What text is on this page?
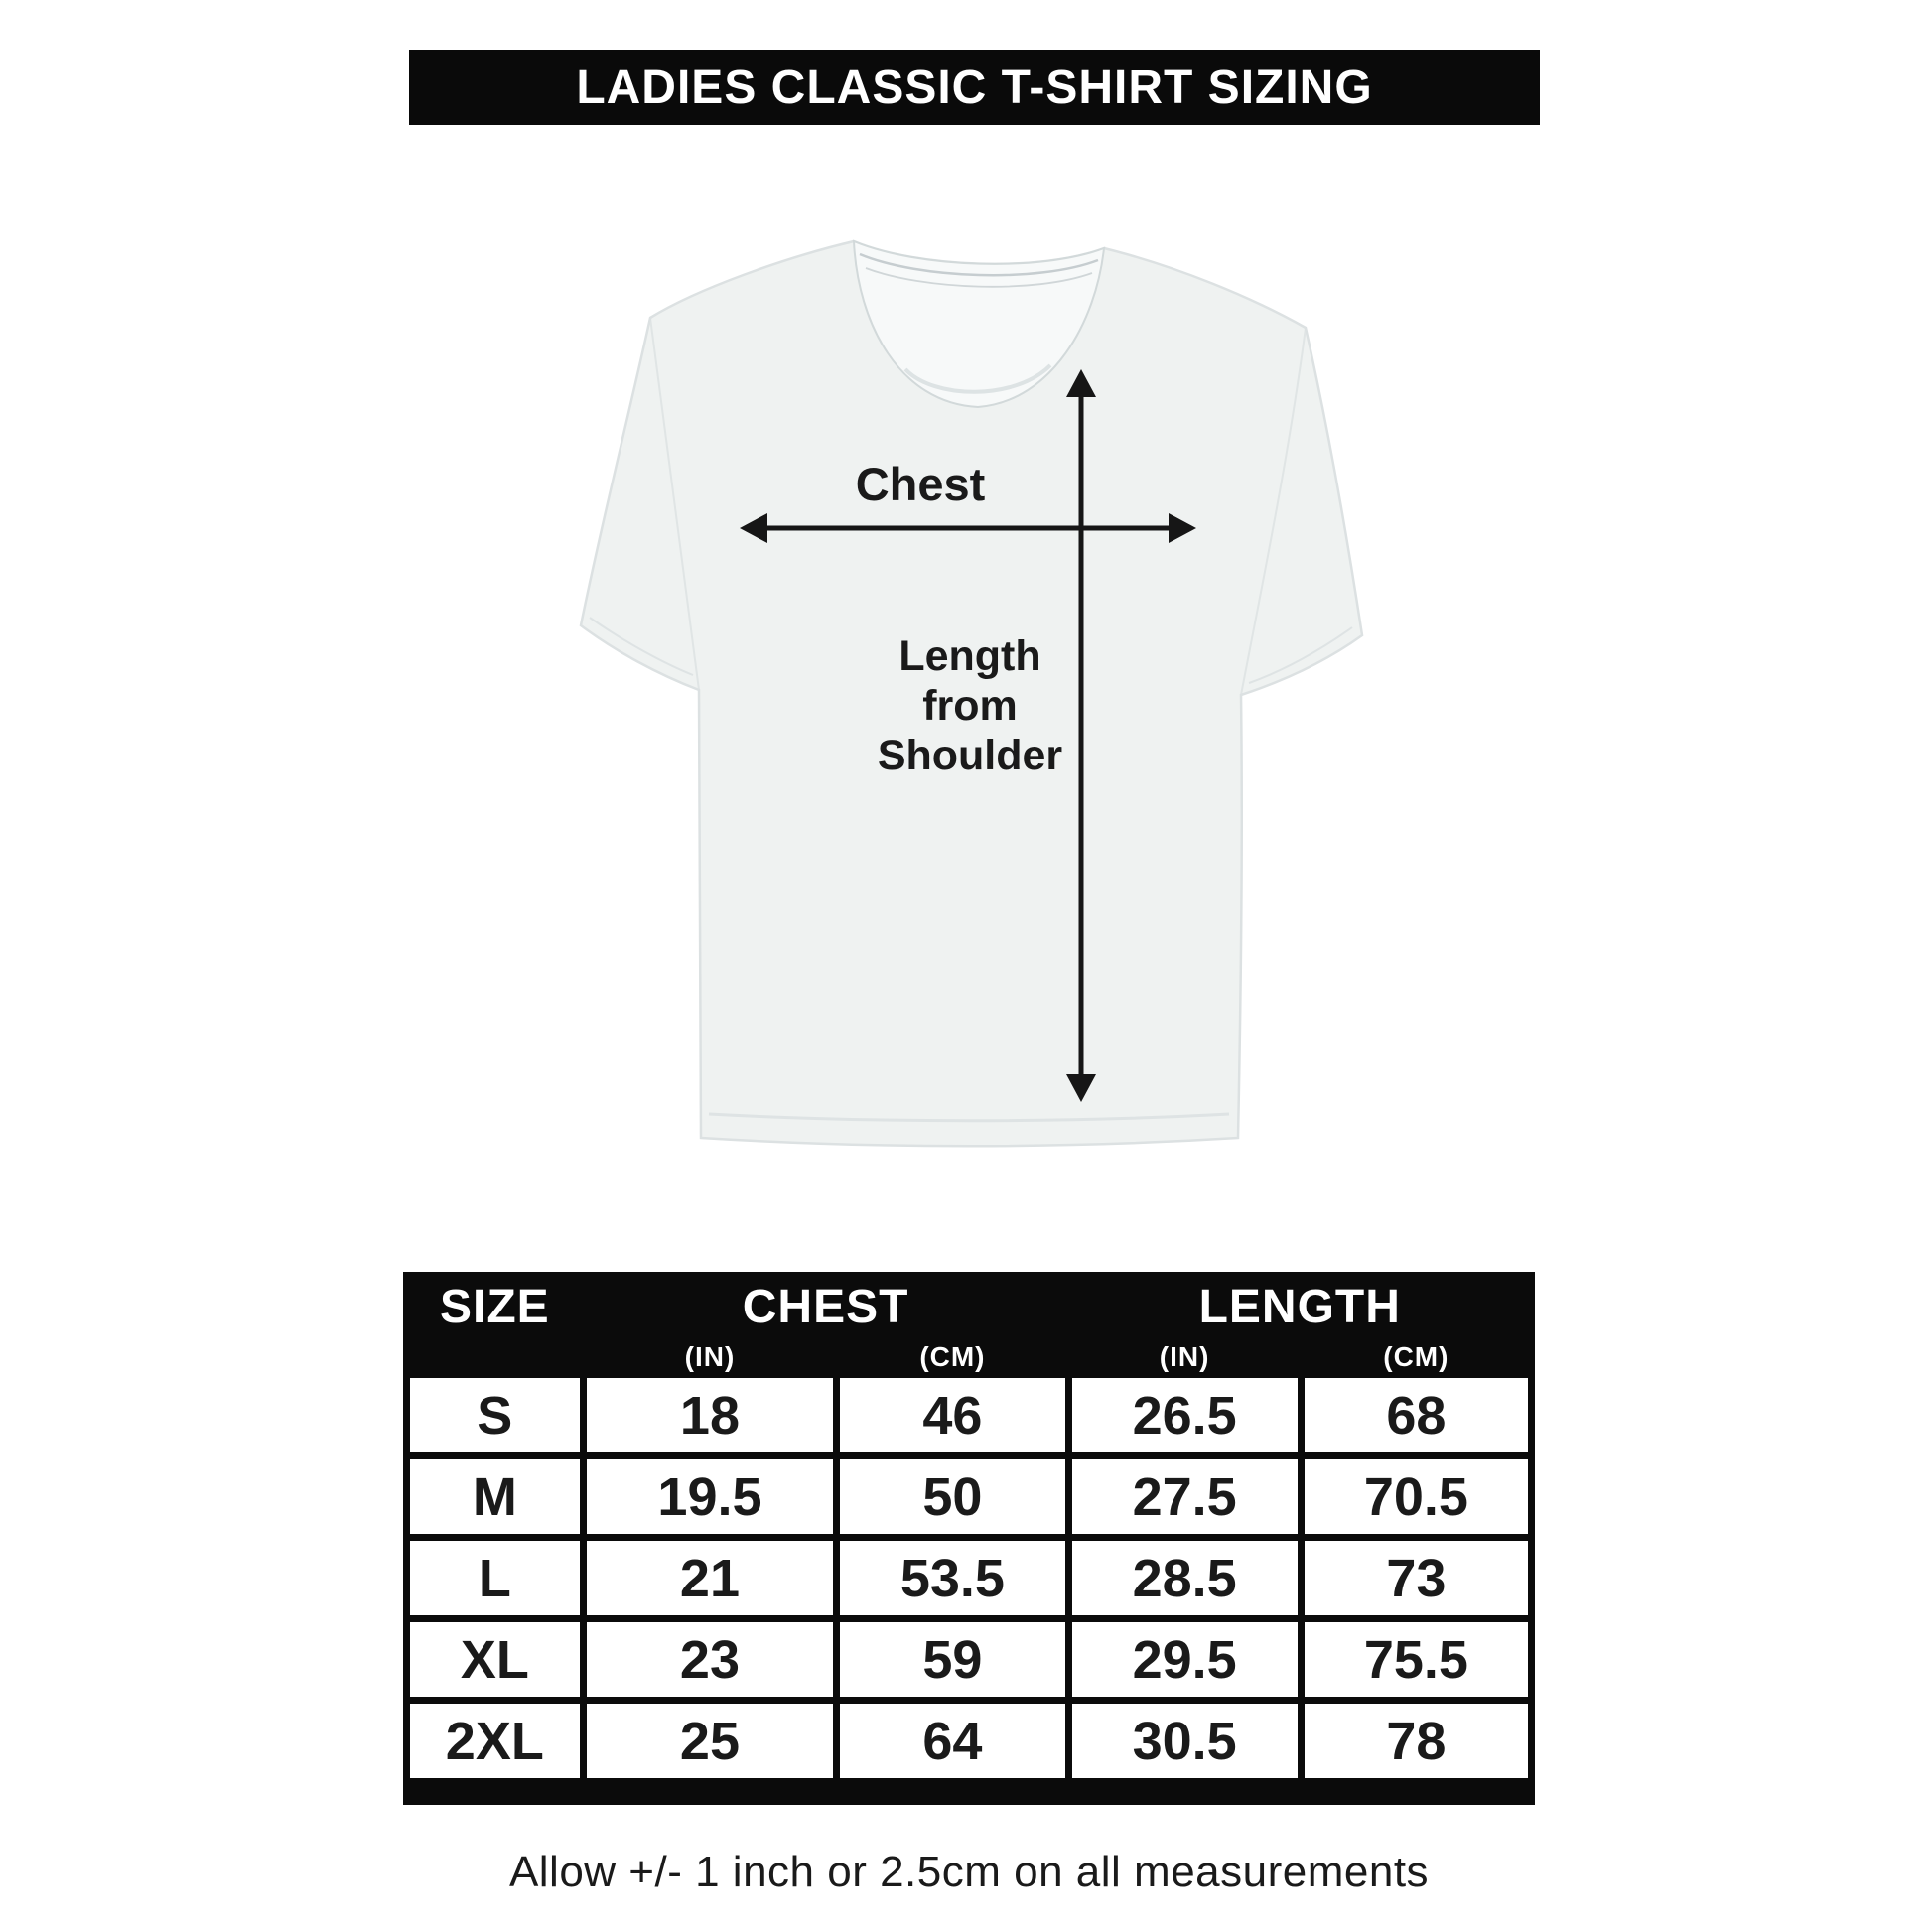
LADIES CLASSIC T-SHIRT SIZING
Chest
Length
from
Shoulder
SIZE	CHEST	LENGTH
(IN)	(CM)	(IN)	(CM)
S	18	46	26.5	68
M	19.5	50	27.5	70.5
L	21	53.5	28.5	73
XL	23	59	29.5	75.5
2XL	25	64	30.5	78
Allow +/- 1 inch or 2.5cm on all measurements
